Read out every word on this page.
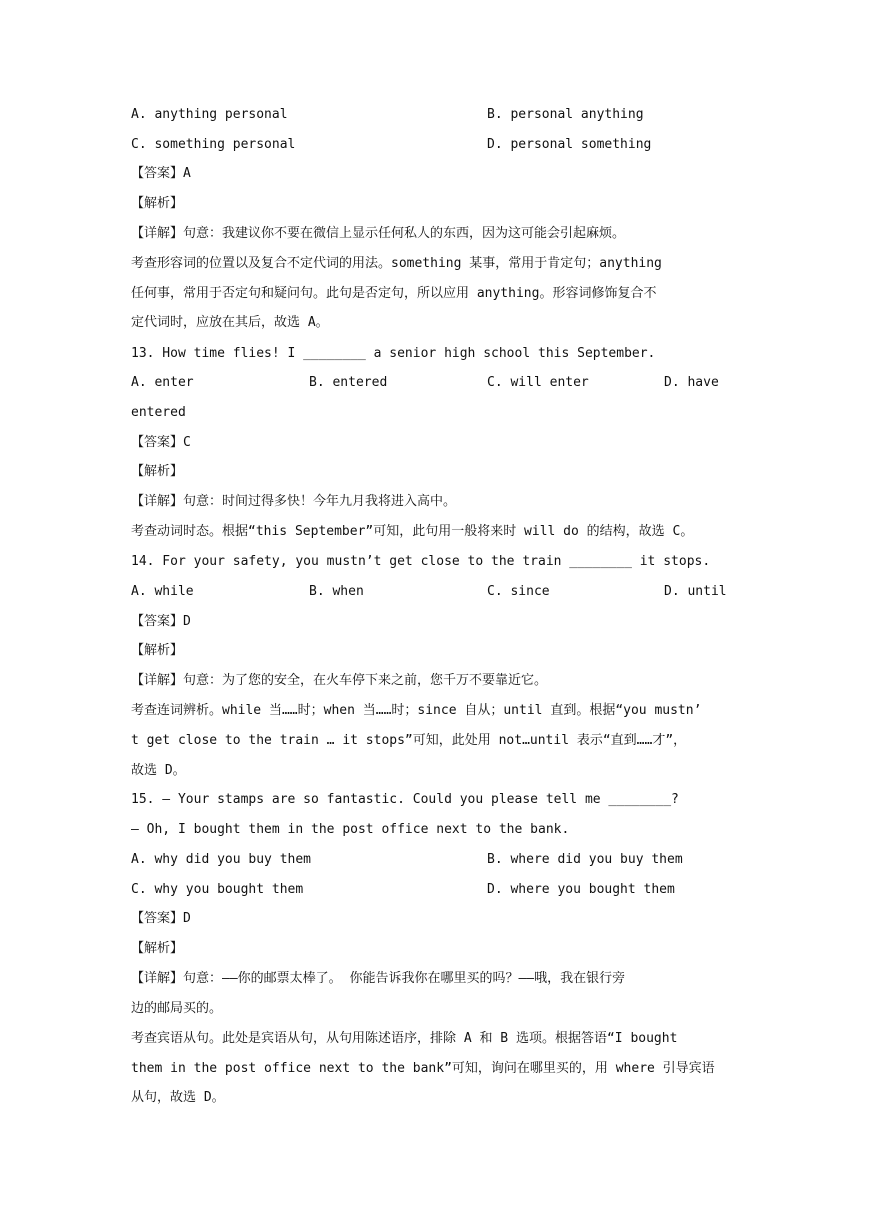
A. anything personal	B. personal anything
C. something personal	D. personal something
【答案】A
【解析】
【详解】句意：我建议你不要在微信上显示任何私人的东西，因为这可能会引起麻烦。
考查形容词的位置以及复合不定代词的用法。something 某事，常用于肯定句；anything
任何事，常用于否定句和疑问句。此句是否定句，所以应用 anything。形容词修饰复合不
定代词时，应放在其后，故选 A。
13. How time flies! I ________ a senior high school this September.
A. enter	B. entered	C. will enter	D. have
entered
【答案】C
【解析】
【详解】句意：时间过得多快！今年九月我将进入高中。
考查动词时态。根据“this September”可知，此句用一般将来时 will do 的结构，故选 C。
14. For your safety, you mustn’t get close to the train ________ it stops.
A. while	B. when	C. since	D. until
【答案】D
【解析】
【详解】句意：为了您的安全，在火车停下来之前，您千万不要靠近它。
考查连词辨析。while 当……时；when 当……时；since 自从；until 直到。根据“you mustn’
t get close to the train … it stops”可知，此处用 not…until 表示“直到……才”，
故选 D。
15. — Your stamps are so fantastic. Could you please tell me ________?
— Oh, I bought them in the post office next to the bank.
A. why did you buy them	B. where did you buy them
C. why you bought them	D. where you bought them
【答案】D
【解析】
【详解】句意：——你的邮票太棒了。 你能告诉我你在哪里买的吗？——哦，我在银行旁
边的邮局买的。
考查宾语从句。此处是宾语从句，从句用陈述语序，排除 A 和 B 选项。根据答语“I bought
them in the post office next to the bank”可知，询问在哪里买的，用 where 引导宾语
从句，故选 D。
